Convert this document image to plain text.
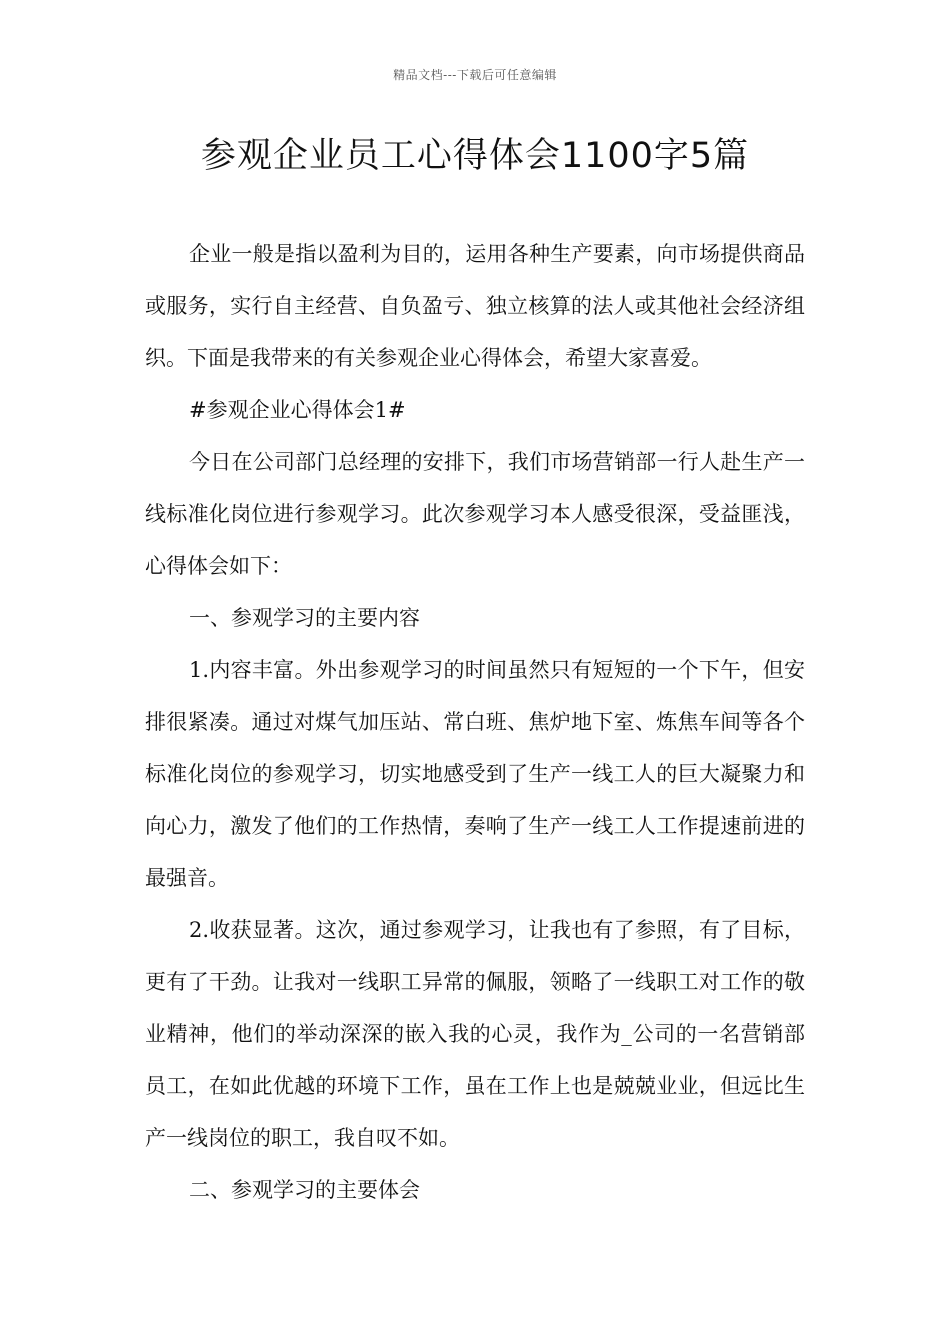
精品文档---下载后可任意编辑
参观企业员工心得体会1100字5篇

企业一般是指以盈利为目的，运用各种生产要素，向市场提供商品或服务，实行自主经营、自负盈亏、独立核算的法人或其他社会经济组织。下面是我带来的有关参观企业心得体会，希望大家喜爱。

#参观企业心得体会1#

今日在公司部门总经理的安排下，我们市场营销部一行人赴生产一线标准化岗位进行参观学习。此次参观学习本人感受很深，受益匪浅，心得体会如下：

一、参观学习的主要内容

1.内容丰富。外出参观学习的时间虽然只有短短的一个下午，但安排很紧凑。通过对煤气加压站、常白班、焦炉地下室、炼焦车间等各个标准化岗位的参观学习，切实地感受到了生产一线工人的巨大凝聚力和向心力，激发了他们的工作热情，奏响了生产一线工人工作提速前进的最强音。

2.收获显著。这次，通过参观学习，让我也有了参照，有了目标，更有了干劲。让我对一线职工异常的佩服，领略了一线职工对工作的敬业精神，他们的举动深深的嵌入我的心灵，我作为_公司的一名营销部员工，在如此优越的环境下工作，虽在工作上也是兢兢业业，但远比生产一线岗位的职工，我自叹不如。

二、参观学习的主要体会
